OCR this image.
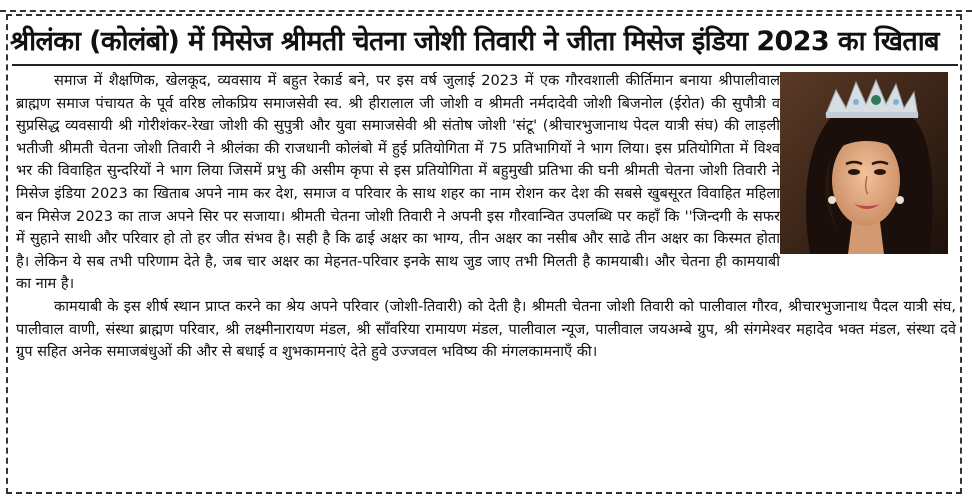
श्रीलंका (कोलंबो) में मिसेज श्रीमती चेतना जोशी तिवारी ने जीता मिसेज इंडिया 2023 का खिताब

समाज में शैक्षणिक, खेलकूद, व्यवसाय में बहुत रेकार्ड बने, पर इस वर्ष जुलाई 2023 में एक गौरवशाली कीर्तिमान बनाया श्रीपालीवाल ब्राह्मण समाज पंचायत के पूर्व वरिष्ठ लोकप्रिय समाजसेवी स्व. श्री हीरालाल जी जोशी व श्रीमती नर्मदादेवी जोशी बिजनोल (ईरोत) की सुपौत्री व सुप्रसिद्ध व्यवसायी श्री गोरीशंकर-रेखा जोशी की सुपुत्री और युवा समाजसेवी श्री संतोष जोशी 'संटू' (श्रीचारभुजानाथ पेदल यात्री संघ) की लाड़ली भतीजी श्रीमती चेतना जोशी तिवारी ने श्रीलंका की राजधानी कोलंबो में हुई प्रतियोगिता में 75 प्रतिभागियों ने भाग लिया। इस प्रतियोगिता में विश्व भर की विवाहित सुन्दरियों ने भाग लिया जिसमें प्रभु की असीम कृपा से इस प्रतियोगिता में बहुमुखी प्रतिभा की घनी श्रीमती चेतना जोशी तिवारी ने मिसेज इंडिया 2023 का खिताब अपने नाम कर देश, समाज व परिवार के साथ शहर का नाम रोशन कर देश की सबसे खुबसूरत विवाहित महिला बन मिसेज 2023 का ताज अपने सिर पर सजाया। श्रीमती चेतना जोशी तिवारी ने अपनी इस गौरवान्वित उपलब्धि पर कहाँ कि ''जिन्दगी के सफर में सुहाने साथी और परिवार हो तो हर जीत संभव है। सही है कि ढाई अक्षर का भाग्य, तीन अक्षर का नसीब और साढे तीन अक्षर का किस्मत होता है। लेकिन ये सब तभी परिणाम देते है, जब चार अक्षर का मेहनत-परिवार इनके साथ जुड जाए तभी मिलती है कामयाबी। और चेतना ही कामयाबी का नाम है।

कामयाबी के इस शीर्ष स्थान प्राप्त करने का श्रेय अपने परिवार (जोशी-तिवारी) को देती है। श्रीमती चेतना जोशी तिवारी को पालीवाल गौरव, श्रीचारभुजानाथ पैदल यात्री संघ, पालीवाल वाणी, संस्था ब्राह्मण परिवार, श्री लक्ष्मीनारायण मंडल, श्री साँवरिया रामायण मंडल, पालीवाल न्यूज, पालीवाल जयअम्बे ग्रुप, श्री संगमेश्वर महादेव भक्त मंडल, संस्था दवे ग्रुप सहित अनेक समाजबंधुओं की और से बधाई व शुभकामनाएं देते हुवे उज्जवल भविष्य की मंगलकामनाएँ की।
